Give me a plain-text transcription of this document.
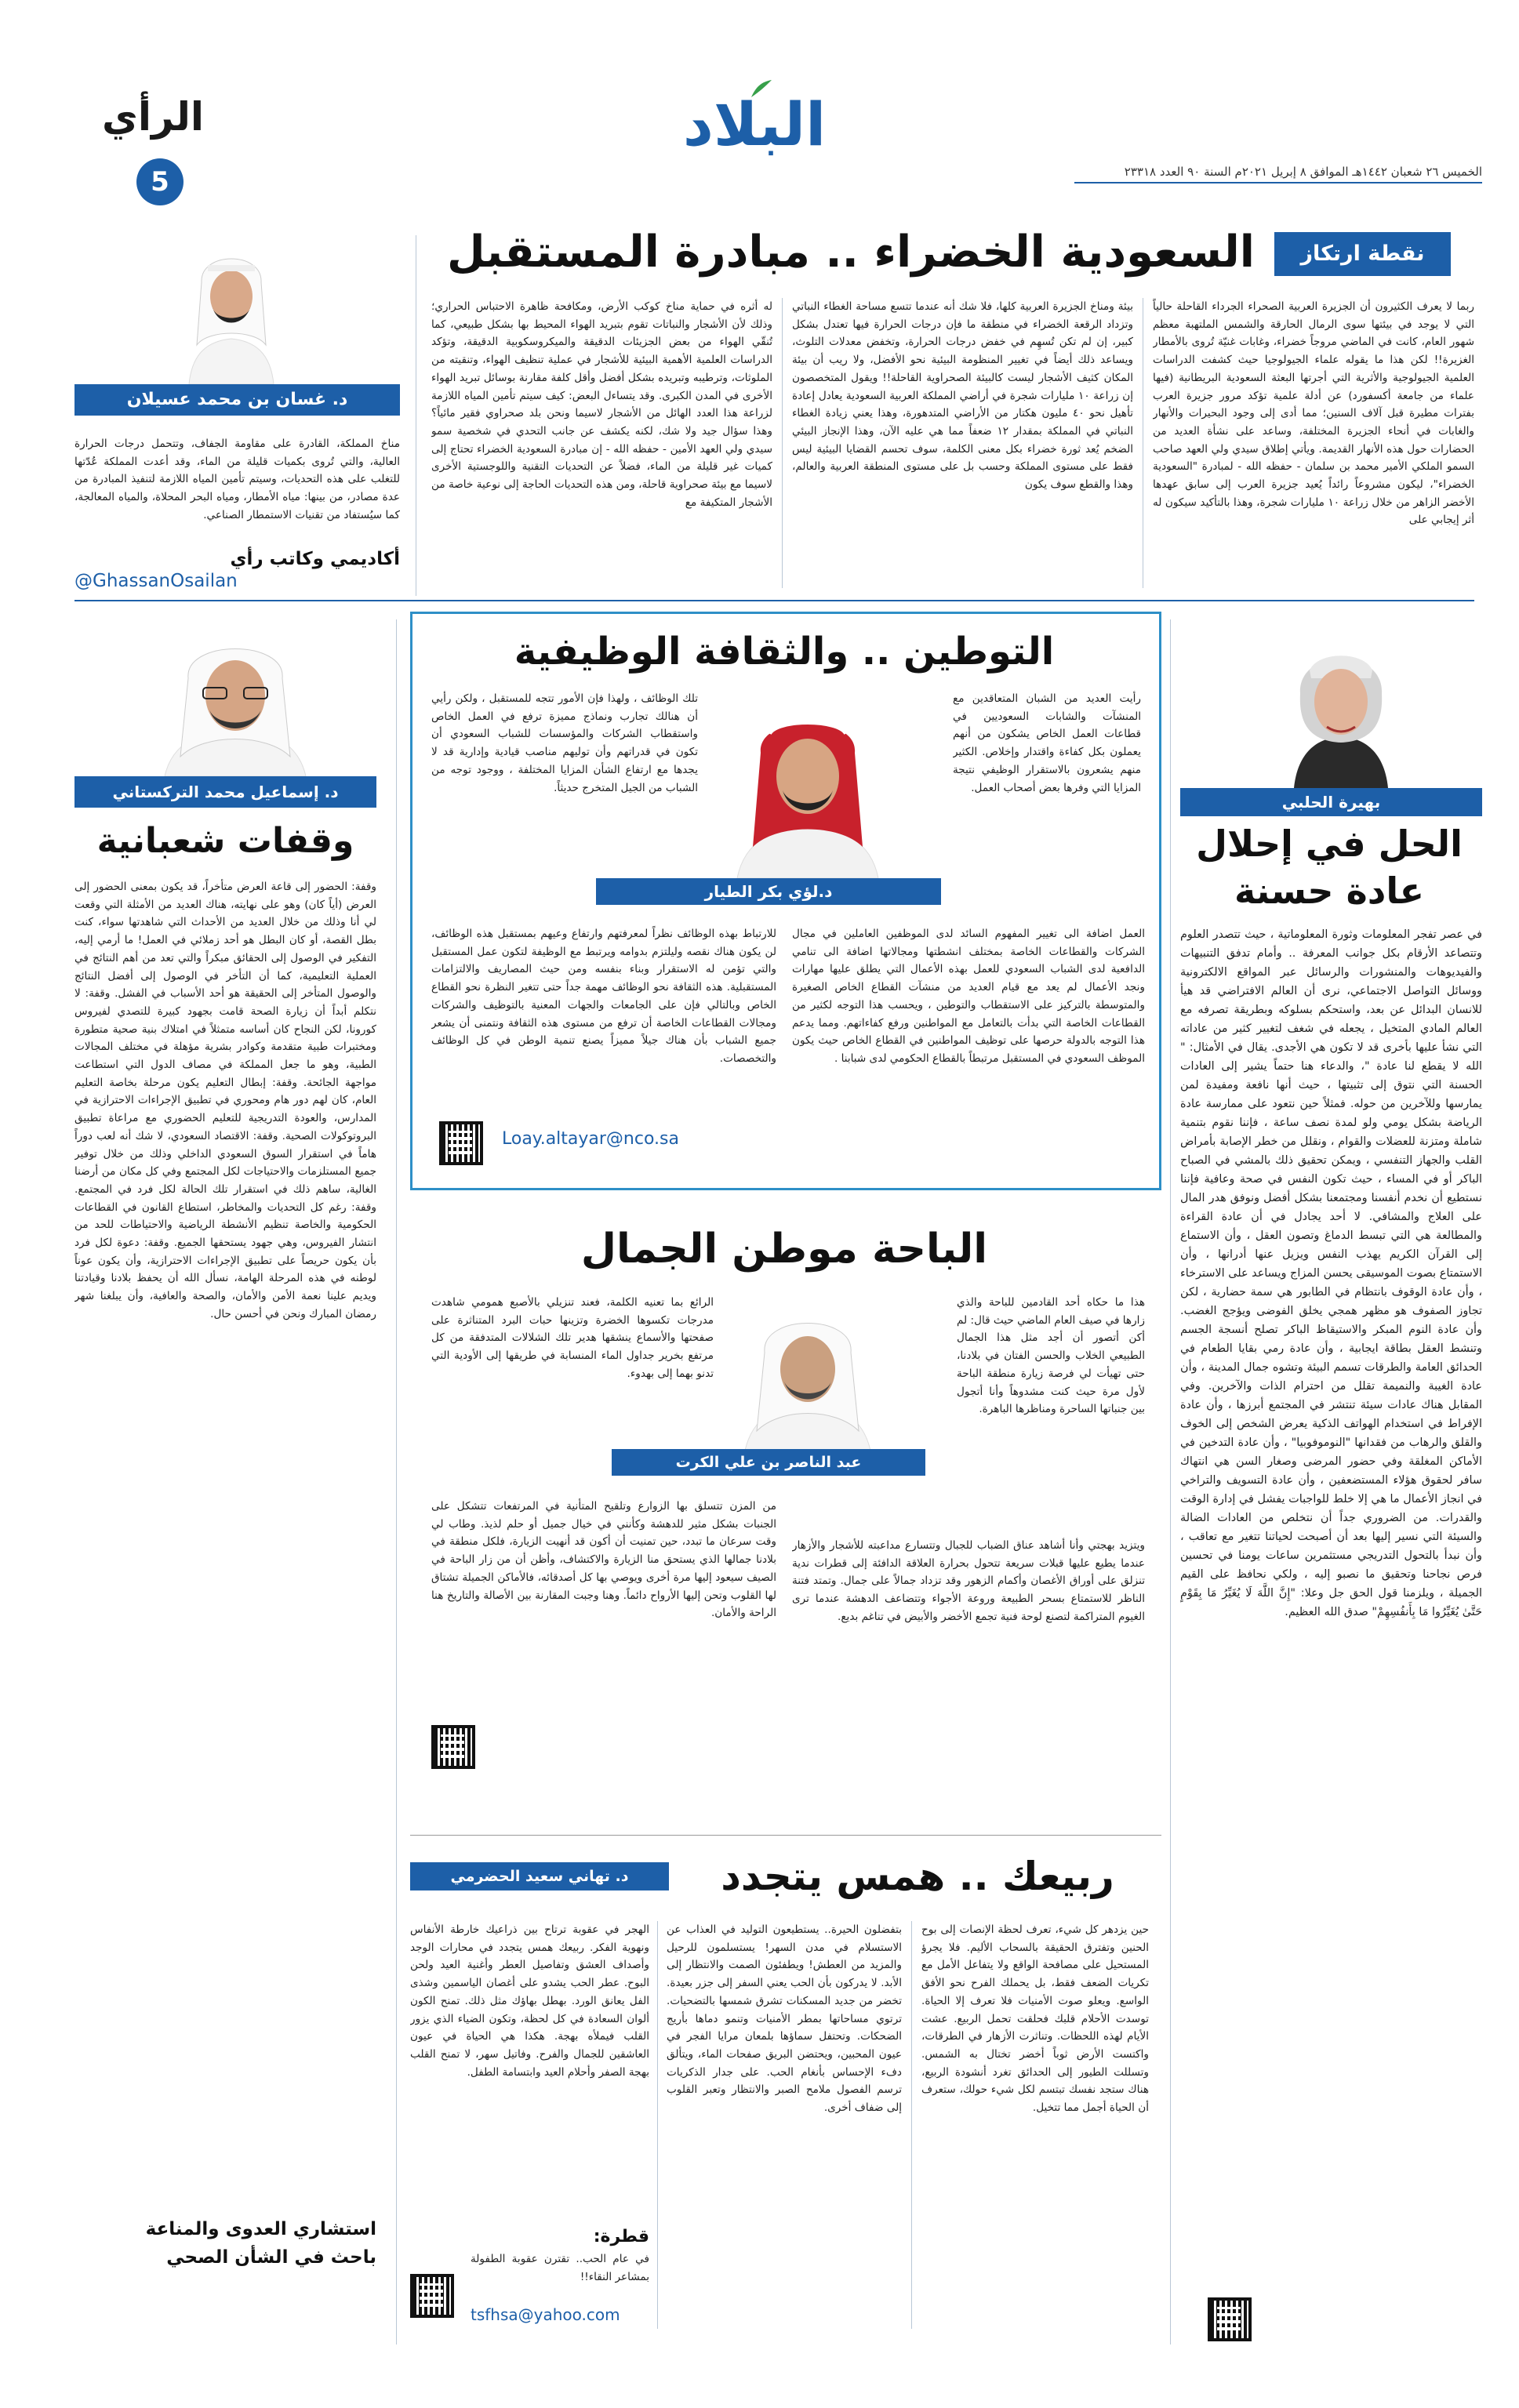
البلاد
الخميس ٢٦ شعبان ١٤٤٢هـ الموافق ٨ إبريل ٢٠٢١م السنة ٩٠ العدد ٢٣٣١٨
الرأي
5
نقطة ارتكاز
السعودية الخضراء .. مبادرة المستقبل
د. غسان بن محمد عسيلان
ربما لا يعرف الكثيرون أن الجزيرة العربية الصحراء الجرداء القاحلة حالياً التي لا يوجد في بيئتها سوى الرمال الحارقة والشمس الملتهبة معظم شهور العام، كانت في الماضي مروجاً خضراء، وغابات غنيّة تُروى بالأمطار الغزيرة!! لكن هذا ما يقوله علماء الجيولوجيا حيث كشفت الدراسات العلمية الجيولوجية والأثرية التي أجرتها البعثة السعودية البريطانية (فيها علماء من جامعة أكسفورد) عن أدلة علمية تؤكد مرور جزيرة العرب بفترات مطيرة قبل آلاف السنين؛ مما أدى إلى وجود البحيرات والأنهار والغابات في أنحاء الجزيرة المختلفة، وساعد على نشأة العديد من الحضارات حول هذه الأنهار القديمة. ويأتي إطلاق سيدي ولي العهد صاحب السمو الملكي الأمير محمد بن سلمان - حفظه الله - لمبادرة "السعودية الخضراء"، ليكون مشروعاً رائداً يُعيد جزيرة العرب إلى سابق عهدها الأخضر الزاهر من خلال زراعة ١٠ مليارات شجرة، وهذا بالتأكيد سيكون له أثر إيجابي على
بيئة ومناخ الجزيرة العربية كلها، فلا شك أنه عندما تتسع مساحة الغطاء النباتي وتزداد الرقعة الخضراء في منطقة ما فإن درجات الحرارة فيها تعتدل بشكل كبير، إن لم تكن تُسهِم في خفض درجات الحرارة، وتخفض معدلات التلوث، ويساعد ذلك أيضاً في تغيير المنظومة البيئية نحو الأفضل، ولا ريب أن بيئة المكان كثيف الأشجار ليست كالبيئة الصحراوية القاحلة!! ويقول المتخصصون إن زراعة ١٠ مليارات شجرة في أراضي المملكة العربية السعودية يعادل إعادة تأهيل نحو ٤٠ مليون هكتار من الأراضي المتدهورة، وهذا يعني زيادة الغطاء النباتي في المملكة بمقدار ١٢ ضعفاً مما هي عليه الآن، وهذا الإنجاز البيئي الضخم يُعد ثورة خضراء بكل معنى الكلمة، سوف تحسم القضايا البيئية ليس فقط على مستوى المملكة وحسب بل على مستوى المنطقة العربية والعالم، وهذا والقطع سوف يكون
له أثره في حماية مناخ كوكب الأرض، ومكافحة ظاهرة الاحتباس الحراري؛ وذلك لأن الأشجار والنباتات تقوم بتبريد الهواء المحيط بها بشكل طبيعي، كما تُنقّي الهواء من بعض الجزيئات الدقيقة والميكروسكوبية الدقيقة، وتؤكد الدراسات العلمية الأهمية البيئية للأشجار في عملية تنظيف الهواء، وتنقيته من الملوثات، وترطيبه وتبريده بشكل أفضل وأقل كلفة مقارنة بوسائل تبريد الهواء الأخرى في المدن الكبرى. وقد يتساءل البعض: كيف سيتم تأمين المياه اللازمة لزراعة هذا العدد الهائل من الأشجار لاسيما ونحن بلد صحراوي فقير مائياً؟ وهذا سؤال جيد ولا شك، لكنه يكشف عن جانب التحدي في شخصية سمو سيدي ولي العهد الأمين - حفظه الله - إن مبادرة السعودية الخضراء تحتاج إلى كميات غير قليلة من الماء، فضلاً عن التحديات التقنية واللوجستية الأخرى لاسيما مع بيئة صحراوية قاحلة، ومن هذه التحديات الحاجة إلى نوعية خاصة من الأشجار المتكيفة مع
مناخ المملكة، القادرة على مقاومة الجفاف، وتتحمل درجات الحرارة العالية، والتي تُروى بكميات قليلة من الماء، وقد أعدت المملكة عُدّتها للتغلب على هذه التحديات، وسيتم تأمين المياه اللازمة لتنفيذ المبادرة من عدة مصادر، من بينها: مياه الأمطار، ومياه البحر المحلاة، والمياه المعالجة، كما سيُستفاد من تقنيات الاستمطار الصناعي.
أكاديمي وكاتب رأي
@GhassanOsailan
بهيرة الحلبي
الحل في إحلال
عادة حسنة
في عصر تفجر المعلومات وثورة المعلوماتية ، حيث تتصدر العلوم وتتصاعد الأرقام بكل جوانب المعرفة .. وأمام تدفق التنبيهات والفيديوهات والمنشورات والرسائل عبر المواقع الالكترونية ووسائل التواصل الاجتماعي، نرى أن العالم الافتراضي قد هيأ للانسان البدائل عن بعد، واستحكم بسلوكه وبطريقة تصرفه مع العالم المادي المتخيل ، يجعله في شغف لتغيير كثير من عاداته التي نشأ عليها بأخرى قد لا تكون هي الأجدى. يقال في الأمثال: " الله لا يقطع لنا عادة "، والدعاء هنا حتماً يشير إلى العادات الحسنة التي نتوق إلى تثبيتها ، حيث أنها نافعة ومفيدة لمن يمارسها وللآخرين من حوله. فمثلاً حين نتعود على ممارسة عادة الرياضة بشكل يومي ولو لمدة نصف ساعة ، فإننا نقوم بتنمية شاملة ومتزنة للعضلات والقوام ، ونقلل من خطر الإصابة بأمراض القلب والجهاز التنفسي ، ويمكن تحقيق ذلك بالمشي في الصباح الباكر أو في المساء ، حيث تكون النفس في صحة وعافية فإننا نستطيع أن نخدم أنفسنا ومجتمعنا بشكل أفضل ونوفق هدر المال على العلاج والمشافي. لا أحد يجادل في أن عادة القراءة والمطالعة هي التي تبسط الدماغ وتصون العقل ، وأن الاستماع إلى القرآن الكريم يهذب النفس ويزيل عنها أدرانها ، وأن الاستمتاع بصوت الموسيقى يحسن المزاج ويساعد على الاسترخاء ، وأن عادة الوقوف بانتظام في الطابور هي سمة حضارية ، لكن تجاوز الصفوف هو مظهر همجي يخلق الفوضى ويؤجج الغضب. وأن عادة النوم المبكر والاستيقاظ الباكر تصلح أنسجة الجسم وتنشط العقل بطاقة ايجابية ، وأن عادة رمي بقايا الطعام في الحدائق العامة والطرقات تسمم البيئة وتشوه جمال المدينة ، وأن عادة الغيبة والنميمة تقلل من احترام الذات والآخرين. وفي المقابل هناك عادات سيئة تنتشر في المجتمع أبرزها ، وأن عادة الإفراط في استخدام الهواتف الذكية يعرض الشخص إلى الخوف والقلق والرهاب من فقدانها "النوموفوبيا" ، وأن عادة التدخين في الأماكن المغلقة وفي حضور المرضى وصغار السن هي انتهاك سافر لحقوق هؤلاء المستضعفين ، وأن عادة التسويف والتراخي في انجاز الأعمال ما هي إلا خلط للواجبات يفشل في إدارة الوقت والقدرات. من الضروري جداً أن نتخلص من العادات الضالة والسيئة التي نسير إليها بعد أن أصبحت لحياتنا تتغير مع تعاقب ، وأن نبدأ بالتحول التدريجي مستثمرين ساعات يومنا في تحسين فرص نجاحنا وتحقيق ما نصبو إليه ، ولكي نحافظ على القيم الجميلة ، ويلزمنا قول الحق جل وعلا: "إِنَّ اللَّهَ لَا يُغَيِّرُ مَا بِقَوْمٍ حَتَّىٰ يُغَيِّرُوا مَا بِأَنفُسِهِمْ" صدق الله العظيم.
التوطين .. والثقافة الوظيفية
رأيت العديد من الشبان المتعاقدين مع المنشآت والشابات السعوديين في قطاعات العمل الخاص يشكون من أنهم يعملون بكل كفاءة واقتدار وإخلاص. الكثير منهم يشعرون بالاستقرار الوظيفي نتيجة المزايا التي وفرها بعض أصحاب العمل.
د.لؤي بكر الطيار
تلك الوظائف ، ولهذا فإن الأمور تتجه للمستقبل ، ولكن رأيي أن هنالك تجارب ونماذج مميزة ترفع في العمل الخاص واستقطاب الشركات والمؤسسات للشباب السعودي أن تكون في قدراتهم وأن توليهم مناصب قيادية وإدارية قد لا يجدها مع ارتفاع الشأن المزايا المختلفة ، ووجود توجه من الشباب من الجيل المتخرج حديثاً.
العمل اضافة الى تغيير المفهوم السائد لدى الموظفين العاملين في مجال الشركات والقطاعات الخاصة بمختلف انشطتها ومجالاتها اضافة الى تنامي الدافعية لدى الشباب السعودي للعمل بهذه الأعمال التي يطلق عليها مهارات ونجد الأعمال لم يعد مع قيام العديد من منشآت القطاع الخاص الصغيرة والمتوسطة بالتركيز على الاستقطاب والتوطين ، ويحسب هذا التوجه لكثير من القطاعات الخاصة التي بدأت بالتعامل مع المواطنين ورفع كفاءاتهم. ومما يدعم هذا التوجه بالدولة حرصها على توظيف المواطنين في القطاع الخاص حيث يكون الموظف السعودي في المستقبل مرتبطاً بالقطاع الحكومي لدى شبابنا .
للارتباط بهذه الوظائف نظراً لمعرفتهم وارتفاع وعيهم بمستقبل هذه الوظائف، لن يكون هناك نقصه وليلتزم بدوامه ويرتبط مع الوظيفة لتكون عمل المستقبل والتي تؤمن له الاستقرار وبناء بنفسه ومن حيث المصاريف والالتزامات المستقبلية. هذه الثقافة نحو الوظائف مهمة جداً حتى تتغير النظرة نحو القطاع الخاص وبالتالي فإن على الجامعات والجهات المعنية بالتوظيف والشركات ومجالات القطاعات الخاصة أن ترفع من مستوى هذه الثقافة ونتمنى أن يشعر جميع الشباب بأن هناك جيلاً مميزاً يصنع تنمية الوطن في كل الوظائف والتخصصات.
Loay.altayar@nco.sa
د. إسماعيل محمد التركستاني
وقفات شعبانية
وقفة: الحضور إلى قاعة العرض متأخراً، قد يكون بمعنى الحضور إلى العرض (أياً كان) وهو على نهايته، هناك العديد من الأمثلة التي وقعت لي أنا وذلك من خلال العديد من الأحداث التي شاهدتها سواء، كنت بطل القصة، أو كان البطل هو أحد زملائي في العمل! ما أرمي إليه، التفكير في الوصول إلى الحقائق مبكراً والتي تعد من أهم النتائج في العملية التعليمية، كما أن التأخر في الوصول إلى أفضل النتائج والوصول المتأخر إلى الحقيقة هو أحد الأسباب في الفشل. وقفة: لا نتكلم أبداً أن زيارة الصحة قامت بجهود كبيرة للتصدي لفيروس كورونا، لكن النجاح كان أساسه متمثلاً في امتلاك بنية صحية متطورة ومختبرات طبية متقدمة وكوادر بشرية مؤهلة في مختلف المجالات الطبية، وهو ما جعل المملكة في مصاف الدول التي استطاعت مواجهة الجائحة. وقفة: إبطال التعليم يكون مرحلة بخاصة التعليم العام، كان لهم دور هام ومحوري في تطبيق الإجراءات الاحترازية في المدارس، والعودة التدريجية للتعليم الحضوري مع مراعاة تطبيق البروتوكولات الصحية. وقفة: الاقتصاد السعودي، لا شك أنه لعب دوراً هاماً في استقرار السوق السعودي الداخلي وذلك من خلال توفير جميع المستلزمات والاحتياجات لكل المجتمع وفي كل مكان من أرضنا الغالية، ساهم ذلك في استقرار تلك الحالة لكل فرد في المجتمع. وقفة: رغم كل التحديات والمخاطر، استطاع القانون في القطاعات الحكومية والخاصة تنظيم الأنشطة الرياضية والاحتياطات للحد من انتشار الفيروس، وهي جهود يستحقها الجميع. وقفة: دعوة لكل فرد بأن يكون حريصاً على تطبيق الإجراءات الاحترازية، وأن يكون عوناً لوطنه في هذه المرحلة الهامة، نسأل الله أن يحفظ بلادنا وقيادتنا ويديم علينا نعمة الأمن والأمان، والصحة والعافية، وأن يبلغنا شهر رمضان المبارك ونحن في أحسن حال.
استشاري العدوى والمناعة
باحث في الشأن الصحي
الباحة موطن الجمال
هذا ما حكاه أحد القادمين للباحة والذي زارها في صيف العام الماضي حيث قال: لم أكن أتصور أن أجد مثل هذا الجمال الطبيعي الخلاب والحسن الفتان في بلادنا، حتى تهيأت لي فرصة زيارة منطقة الباحة لأول مرة حيث كنت مشدوهاً وأنا أتجول بين جنباتها الساحرة ومناظرها الباهرة.
عبد الناصر بن علي الكرت
الرائع بما تعنيه الكلمة، فعند تنزيلي بالأصبع همومي شاهدت مدرجات تكسوها الخضرة وتزينها حبات البرد المتناثرة على صفحتها والأسماع ينشقها هدير تلك الشلالات المتدفقة من كل مرتفع بخرير جداول الماء المنسابة في طريقها إلى الأودية التي تدنو بهما إلى بهدوء.
ويتزيد بهجتي وأنا أشاهد عناق الضباب للجبال وتتسارع مداعبته للأشجار والأزهار عندما يطيع عليها قبلات سريعة تتحول بحرارة العلاقة الدافئة إلى قطرات ندية تنزلق على أوراق الأغصان وأكمام الزهور وقد تزداد جمالاً على جمال. وتمتد فتنة الناظر للاستمتاع بسحر الطبيعة وروعة الأجواء وتتضاعف الدهشة عندما ترى الغيوم المتراكمة لتصنع لوحة فنية تجمع الأخضر والأبيض في تناغم بديع.
من المزن تتسلق بها الزوارع وتلقيح المتأنية في المرتفعات تتشكل على الجنبات بشكل مثير للدهشة وكأنني في خيال جميل أو حلم لذيذ. وطاب لي وقت سرعان ما تبدد، حين تمنيت أن أكون قد أنهيت الزيارة، فلكل منطقة في بلادنا جمالها الذي يستحق منا الزيارة والاكتشاف، وأظن أن من زار الباحة في الصيف سيعود إليها مرة أخرى ويوصي بها كل أصدقائه، فالأماكن الجميلة تشتاق لها القلوب وتحن إليها الأرواح دائماً. وهنا وجبت المقارنة بين الأصالة والتاريخ هنا الراحة والأمان.
ربيعك .. همس يتجدد
د. تهاني سعيد الحضرمي
حين يزدهر كل شيء، تعرف لحظة الإنصات إلى بوح الحنين وتفترق الحقيقة بالسحاب الأليم. فلا يجرؤ المستحيل على مصافحة الواقع ولا يتفاعل الأمل مع تكريات الضعف فقط، بل يحملك الفرح نحو الأفق الواسع. ويعلو صوت الأمنيات فلا تعرف إلا الحياة. توسدت الأحلام قلبك فحلقت تحمل الربيع. عشت الأيام لهذه اللحظات. وتناثرت الأزهار في الطرقات، واكتست الأرض ثوباً أخضر تختال به الشمس. وتسللت الطيور إلى الحدائق تغرد أنشودة الربيع، هناك ستجد نفسك تبتسم لكل شيء حولك، ستعرف أن الحياة أجمل مما تتخيل.
بتفضلون الحيرة.. يستطيعون التوليد في العذاب عن الاستسلام في مدن السهر! يستسلمون للرحيل والمزيد من العطش! ويطفئون الصمت والانتظار إلى الأبد. لا يدركون بأن الحب يعني السفر إلى جزر بعيدة. تخضر من جديد المسكنات تشرق شمسها بالتضحيات. ترتوي مساحاتها بمطر الأمنيات وتنمو دماها بأريج الضحكات. وتحتفل سماؤها بلمعان مرايا الفجر في عيون المحبين، ويحتضن البريق صفحات الماء، ويتألق دفء الإحساس بأنغام الحب. على جدار الذكريات ترسم الفصول ملامح الصبر والانتظار وتعبر القلوب إلى ضفاف أخرى.
الهجر في عقوبة ترتاح بين ذراعيك خارطة الأنفاس ونهوية الفكر. ربيعك همس يتجدد في محارات الوجد وأصداف العشق وتفاصيل العطر وأغنية العيد ولحن البوح. عطر الحب يشدو على أغصان الياسمين وشذى الفل يعانق الورد. بهطل بهاؤك مثل ذلك. تمنح الكون ألوان السعادة في كل لحظة، وتكون الضياء الذي يزور القلب فيملأه بهجة. هكذا هي الحياة في عيون العاشقين للجمال والفرح. وفاتيل سهر، لا تمنح القلب بهجة الصفر وأحلام العيد وابتسامة الطفل.
قطرة:
في عام الحب.. تقترن عقوبة الطفولة بمشاعر النقاء!!
tsfhsa@yahoo.com
